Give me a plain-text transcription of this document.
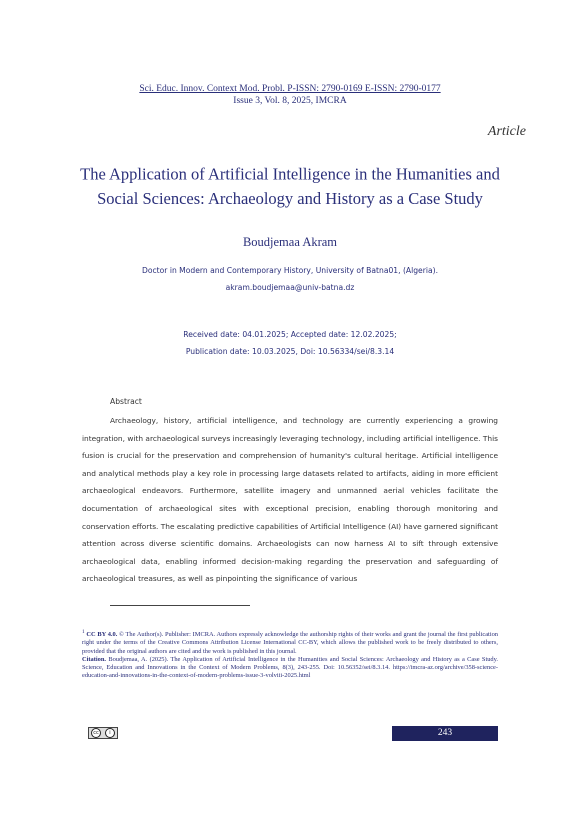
Sci. Educ. Innov. Context Mod. Probl. P-ISSN: 2790-0169 E-ISSN: 2790-0177
Issue 3, Vol. 8, 2025, IMCRA
Article
The Application of Artificial Intelligence in the Humanities and Social Sciences: Archaeology and History as a Case Study
Boudjemaa Akram
Doctor in Modern and Contemporary History, University of Batna01, (Algeria).
akram.boudjemaa@univ-batna.dz
Received date: 04.01.2025; Accepted date: 12.02.2025;
Publication date: 10.03.2025, Doi: 10.56334/sei/8.3.14
Abstract
Archaeology, history, artificial intelligence, and technology are currently experiencing a growing integration, with archaeological surveys increasingly leveraging technology, including artificial intelligence. This fusion is crucial for the preservation and comprehension of humanity's cultural heritage. Artificial intelligence and analytical methods play a key role in processing large datasets related to artifacts, aiding in more efficient archaeological endeavors. Furthermore, satellite imagery and unmanned aerial vehicles facilitate the documentation of archaeological sites with exceptional precision, enabling thorough monitoring and conservation efforts. The escalating predictive capabilities of Artificial Intelligence (AI) have garnered significant attention across diverse scientific domains. Archaeologists can now harness AI to sift through extensive archaeological data, enabling informed decision-making regarding the preservation and safeguarding of archaeological treasures, as well as pinpointing the significance of various
$^1$ CC BY 4.0. © The Author(s). Publisher: IMCRA. Authors expressly acknowledge the authorship rights of their works and grant the journal the first publication right under the terms of the Creative Commons Attribution License International CC-BY, which allows the published work to be freely distributed to others, provided that the original authors are cited and the work is published in this journal.
Citation. Boudjemaa, A. (2025). The Application of Artificial Intelligence in the Humanities and Social Sciences: Archaeology and History as a Case Study. Science, Education and Innovations in the Context of Modern Problems, 8(3), 243-255. Doi: 10.56352/sei/8.3.14. https://imcra-az.org/archive/358-science-education-and-innovations-in-the-context-of-modern-problems-issue-3-volviii-2025.html
cc	i	243
